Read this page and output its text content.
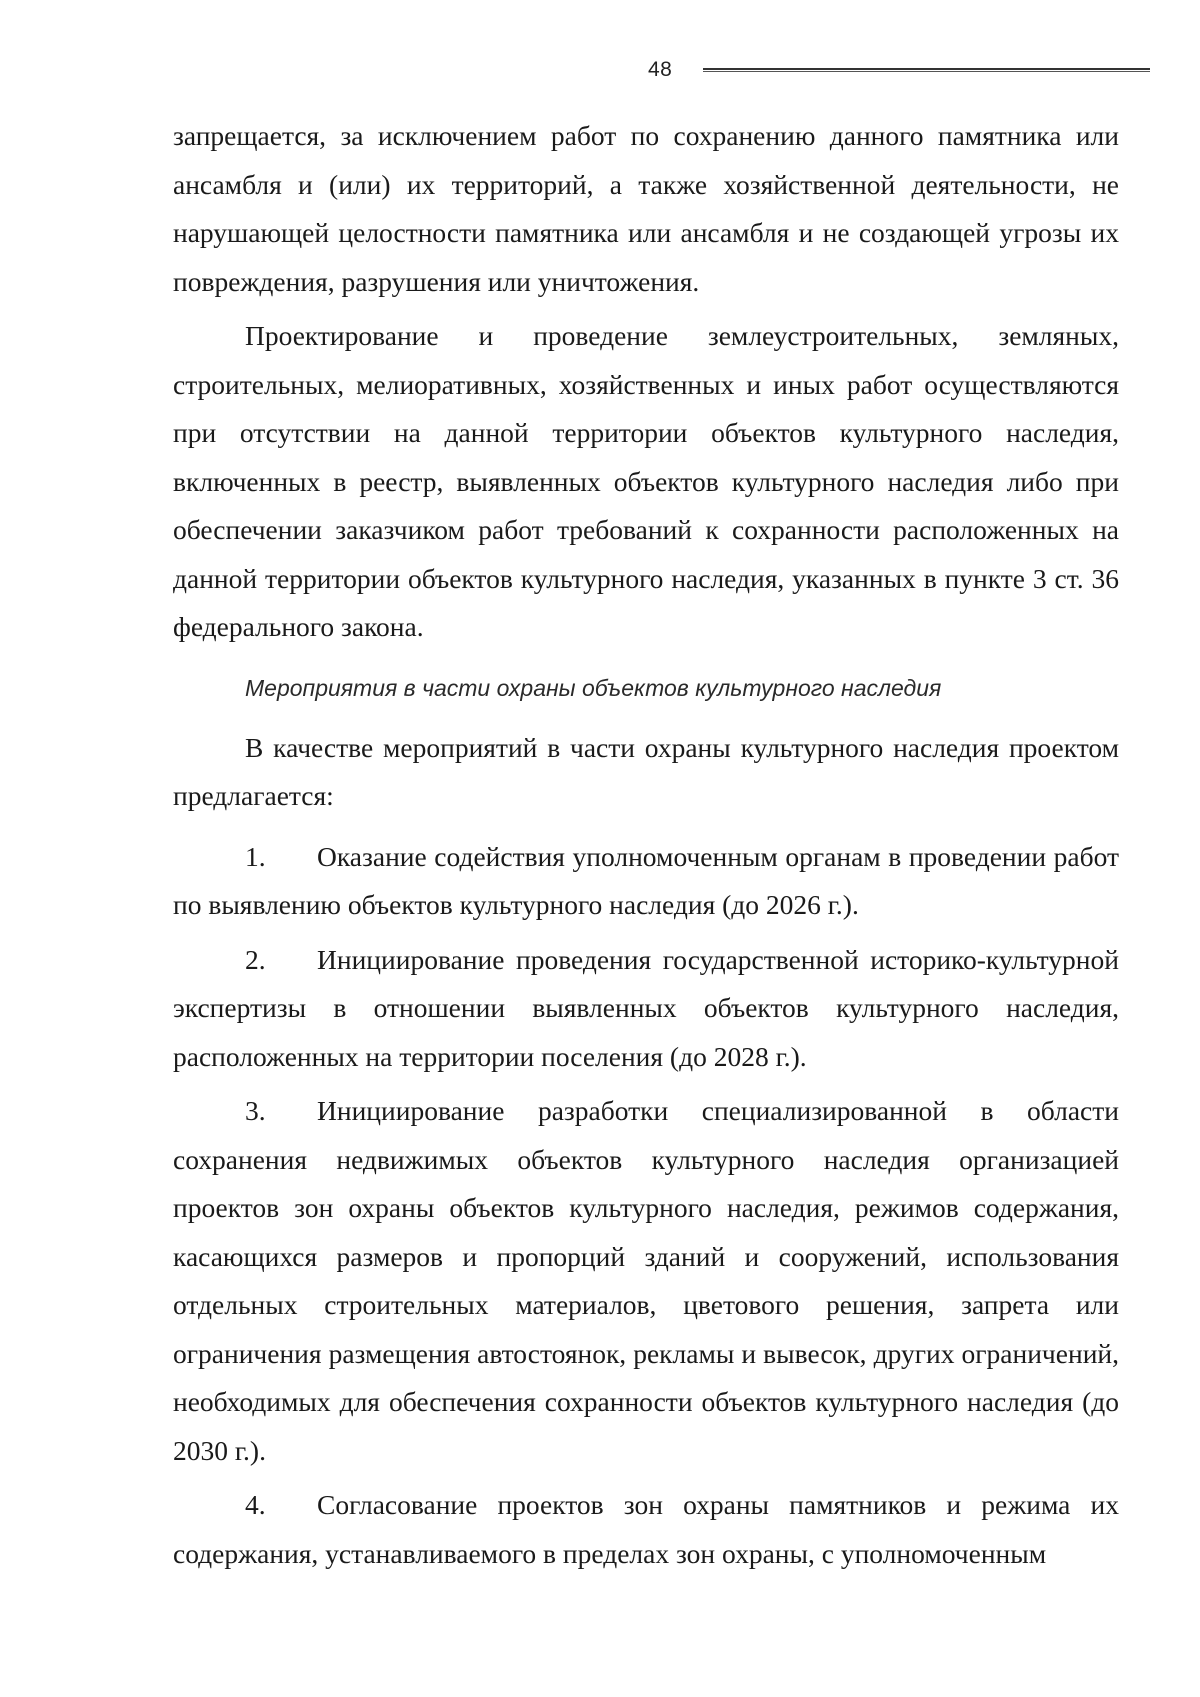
48

запрещается, за исключением работ по сохранению данного памятника или ансамбля и (или) их территорий, а также хозяйственной деятельности, не нарушающей целостности памятника или ансамбля и не создающей угрозы их повреждения, разрушения или уничтожения.

Проектирование и проведение землеустроительных, земляных, строительных, мелиоративных, хозяйственных и иных работ осуществляются при отсутствии на данной территории объектов культурного наследия, включенных в реестр, выявленных объектов культурного наследия либо при обеспечении заказчиком работ требований к сохранности расположенных на данной территории объектов культурного наследия, указанных в пункте 3 ст. 36 федерального закона.

Мероприятия в части охраны объектов культурного наследия

В качестве мероприятий в части охраны культурного наследия проектом предлагается:

1. Оказание содействия уполномоченным органам в проведении работ по выявлению объектов культурного наследия (до 2026 г.).

2. Инициирование проведения государственной историко-культурной экспертизы в отношении выявленных объектов культурного наследия, расположенных на территории поселения (до 2028 г.).

3. Инициирование разработки специализированной в области сохранения недвижимых объектов культурного наследия организацией проектов зон охраны объектов культурного наследия, режимов содержания, касающихся размеров и пропорций зданий и сооружений, использования отдельных строительных материалов, цветового решения, запрета или ограничения размещения автостоянок, рекламы и вывесок, других ограничений, необходимых для обеспечения сохранности объектов культурного наследия (до 2030 г.).

4. Согласование проектов зон охраны памятников и режима их содержания, устанавливаемого в пределах зон охраны, с уполномоченным
